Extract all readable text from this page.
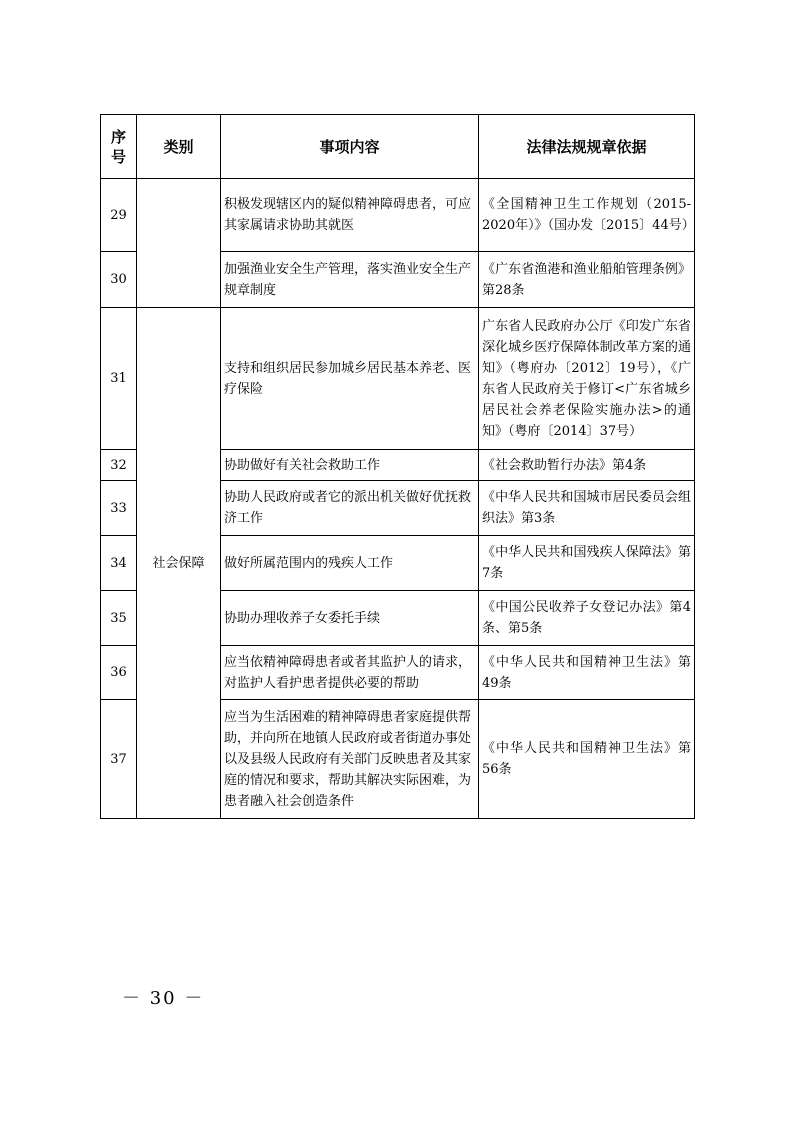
序号	类别	事项内容	法律法规规章依据
29		积极发现辖区内的疑似精神障碍患者，可应其家属请求协助其就医	《全国精神卫生工作规划（2015-2020年）》（国办发〔2015〕44号）
30		加强渔业安全生产管理，落实渔业安全生产规章制度	《广东省渔港和渔业船舶管理条例》第28条
31	社会保障	支持和组织居民参加城乡居民基本养老、医疗保险	广东省人民政府办公厅《印发广东省深化城乡医疗保障体制改革方案的通知》（粤府办〔2012〕19号），《广东省人民政府关于修订<广东省城乡居民社会养老保险实施办法>的通知》（粤府〔2014〕37号）
32		协助做好有关社会救助工作	《社会救助暂行办法》第4条
33		协助人民政府或者它的派出机关做好优抚救济工作	《中华人民共和国城市居民委员会组织法》第3条
34		做好所属范围内的残疾人工作	《中华人民共和国残疾人保障法》第7条
35		协助办理收养子女委托手续	《中国公民收养子女登记办法》第4条、第5条
36		应当依精神障碍患者或者其监护人的请求，对监护人看护患者提供必要的帮助	《中华人民共和国精神卫生法》第49条
37		应当为生活困难的精神障碍患者家庭提供帮助，并向所在地镇人民政府或者街道办事处以及县级人民政府有关部门反映患者及其家庭的情况和要求，帮助其解决实际困难，为患者融入社会创造条件	《中华人民共和国精神卫生法》第56条
－ 30 －
